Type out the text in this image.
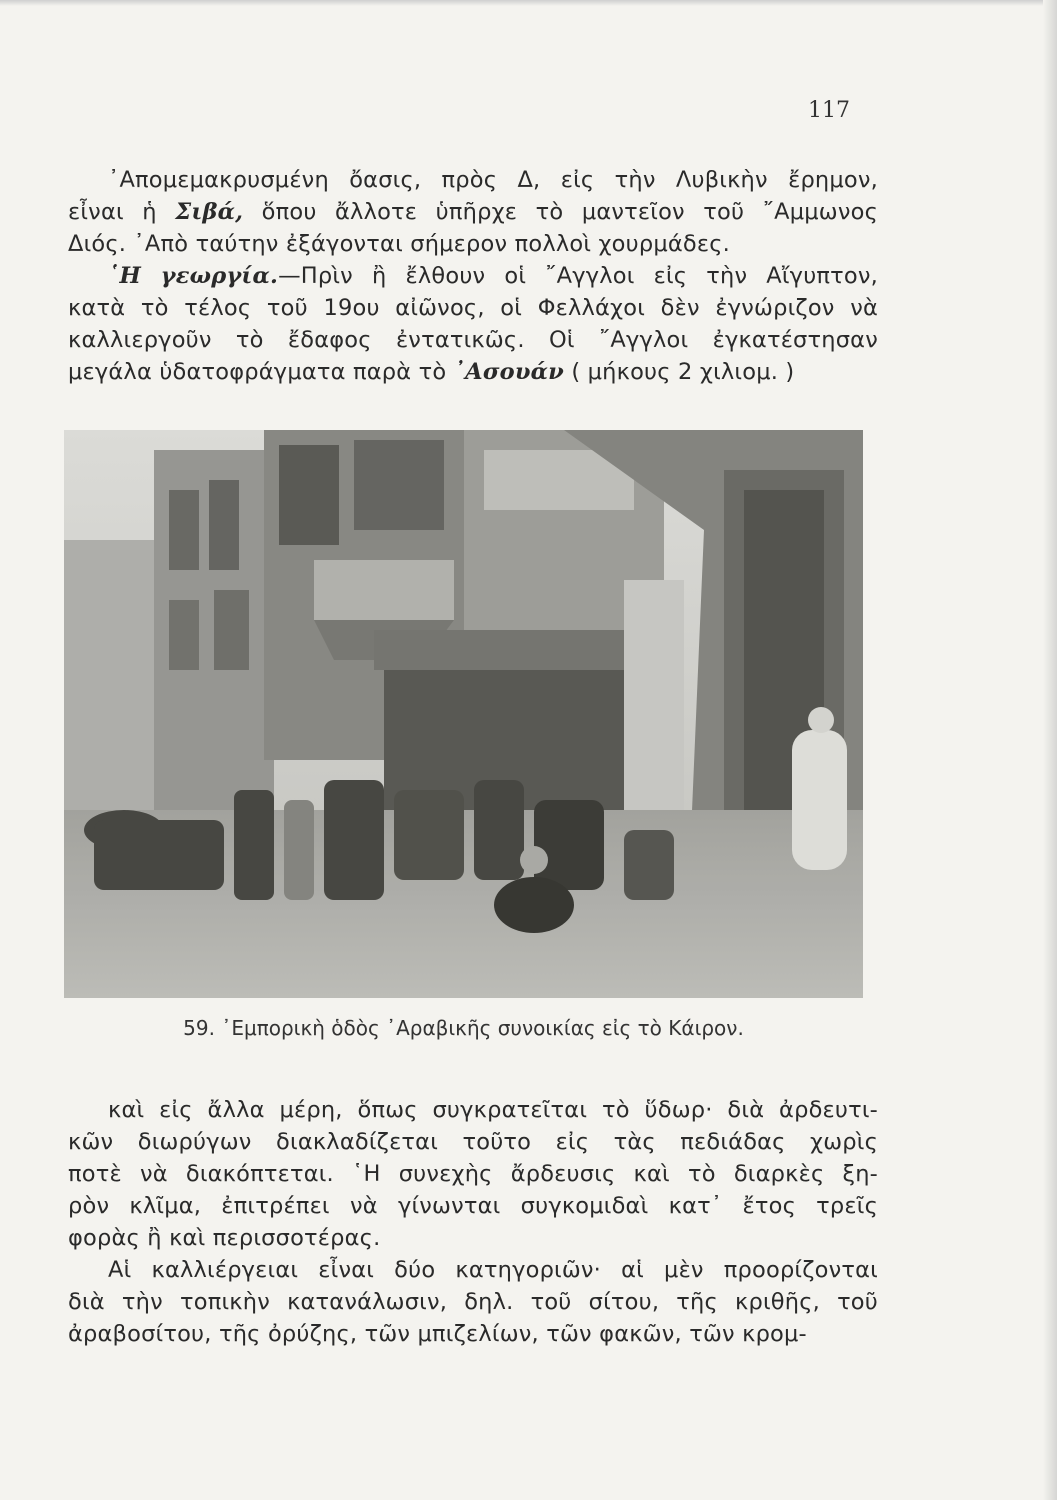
117

᾿Απομεμακρυσμένη ὄασις, πρὸς Δ, εἰς τὴν Λυβικὴν ἔρημον,
εἶναι ἡ Σιβά, ὅπου ἄλλοτε ὑπῆρχε τὸ μαντεῖον τοῦ ῎Αμμωνος
Διός. ᾿Απὸ ταύτην ἐξάγονται σήμερον πολλοὶ χουρμάδες.

῾Η γεωργία.—Πρὶν ἢ ἔλθουν οἱ ῎Αγγλοι εἰς τὴν Αἴγυπτον,
κατὰ τὸ τέλος τοῦ 19ου αἰῶνος, οἱ Φελλάχοι δὲν ἐγνώριζον νὰ
καλλιεργοῦν τὸ ἔδαφος ἐντατικῶς. Οἱ ῎Αγγλοι ἐγκατέστησαν
μεγάλα ὑδατοφράγματα παρὰ τὸ ᾿Ασουάν ( μήκους 2 χιλιομ. )

59. ᾿Εμπορικὴ ὁδὸς ᾿Αραβικῆς συνοικίας εἰς τὸ Κάιρον.

καὶ εἰς ἄλλα μέρη, ὅπως συγκρατεῖται τὸ ὕδωρ· διὰ ἀρδευτι-
κῶν διωρύγων διακλαδίζεται τοῦτο εἰς τὰς πεδιάδας χωρὶς
ποτὲ νὰ διακόπτεται. ῾Η συνεχὴς ἄρδευσις καὶ τὸ διαρκὲς ξη-
ρὸν κλῖμα, ἐπιτρέπει νὰ γίνωνται συγκομιδαὶ κατ᾿ ἔτος τρεῖς
φορὰς ἢ καὶ περισσοτέρας.

Αἱ καλλιέργειαι εἶναι δύο κατηγοριῶν· αἱ μὲν προορίζονται
διὰ τὴν τοπικὴν κατανάλωσιν, δηλ. τοῦ σίτου, τῆς κριθῆς, τοῦ
ἀραβοσίτου, τῆς ὀρύζης, τῶν μπιζελίων, τῶν φακῶν, τῶν κρομ-
